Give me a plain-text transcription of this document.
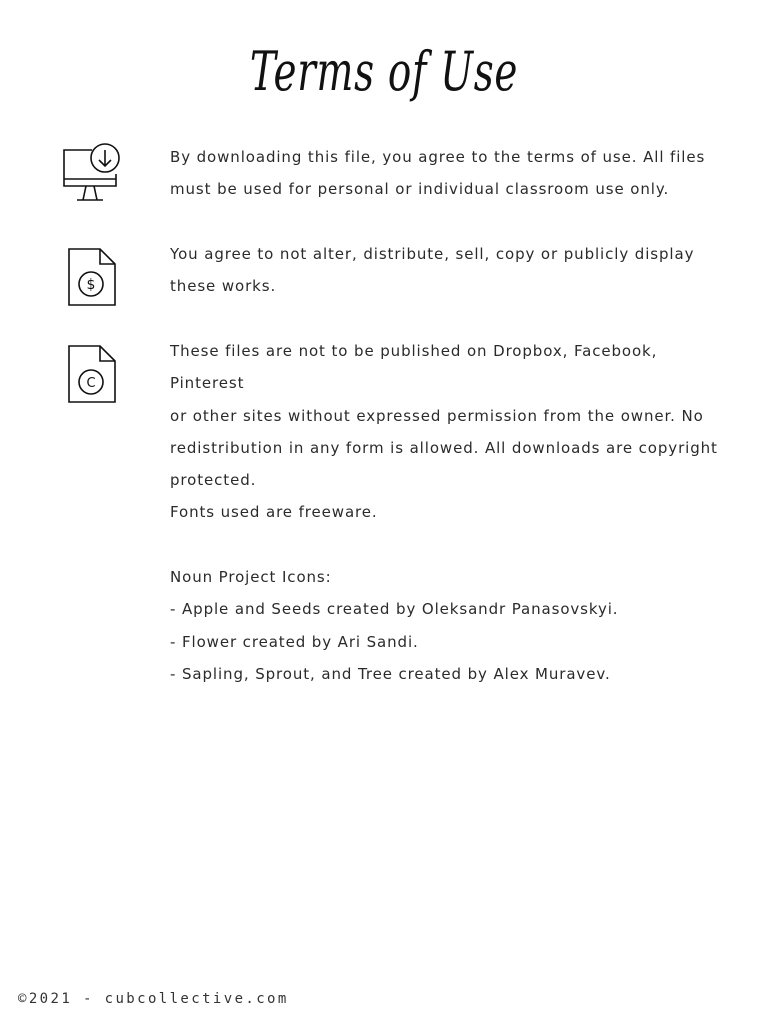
Terms of Use
$
C

By downloading this file, you agree to the terms of use. All files

must be used for personal or individual classroom use only.

You agree to not alter, distribute, sell, copy or publicly display

these works.

These files are not to be published on Dropbox, Facebook, Pinterest

or other sites without expressed permission from the owner. No

redistribution in any form is allowed. All downloads are copyright

protected.

Fonts used are freeware.

Noun Project Icons:

- Apple and Seeds created by Oleksandr Panasovskyi.

- Flower created by Ari Sandi.

- Sapling, Sprout, and Tree created by Alex Muravev.

©2021 - cubcollective.com
